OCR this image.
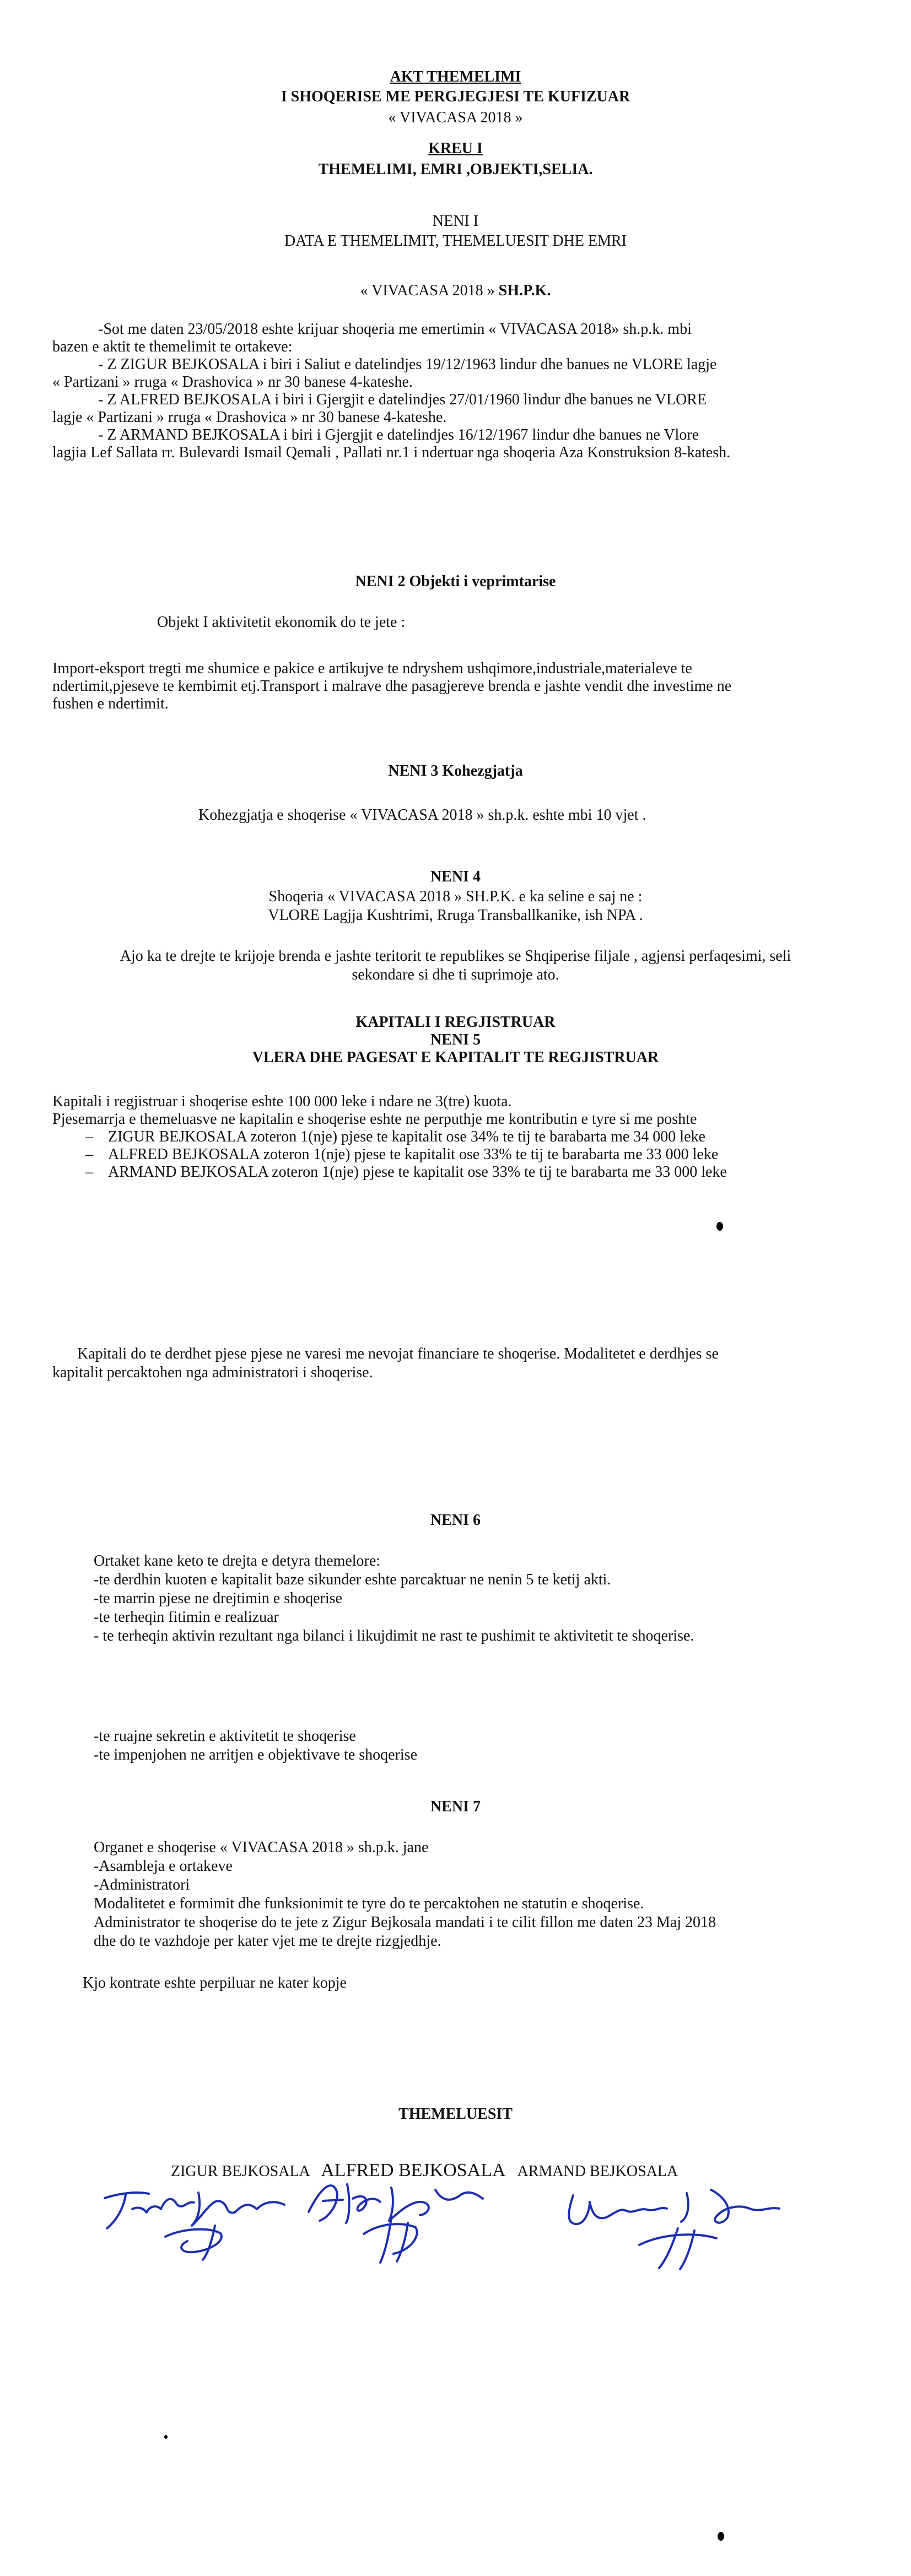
AKT THEMELIMI
I SHOQERISE ME PERGJEGJESI TE KUFIZUAR
« VIVACASA 2018 »
KREU I
THEMELIMI, EMRI ,OBJEKTI,SELIA.
NENI I
DATA E THEMELIMIT, THEMELUESIT DHE EMRI
« VIVACASA 2018 » SH.P.K.
-Sot me daten 23/05/2018 eshte krijuar shoqeria me emertimin « VIVACASA 2018» sh.p.k. mbi
bazen e aktit te themelimit te ortakeve:
- Z ZIGUR BEJKOSALA i biri i Saliut e datelindjes 19/12/1963 lindur dhe banues ne VLORE lagje
« Partizani » rruga « Drashovica » nr 30 banese 4-kateshe.
- Z ALFRED BEJKOSALA i biri i Gjergjit e datelindjes 27/01/1960 lindur dhe banues ne VLORE
lagje « Partizani » rruga « Drashovica » nr 30 banese 4-kateshe.
- Z ARMAND BEJKOSALA i biri i Gjergjit e datelindjes 16/12/1967 lindur dhe banues ne Vlore
lagjia Lef Sallata rr. Bulevardi Ismail Qemali , Pallati nr.1 i ndertuar nga shoqeria Aza Konstruksion 8-katesh.
NENI 2 Objekti i veprimtarise
Objekt I aktivitetit ekonomik do te jete :
Import-eksport tregti me shumice e pakice e artikujve te ndryshem ushqimore,industriale,materialeve te
ndertimit,pjeseve te kembimit etj.Transport i malrave dhe pasagjereve brenda e jashte vendit dhe investime ne
fushen e ndertimit.
NENI 3 Kohezgjatja
Kohezgjatja e shoqerise « VIVACASA 2018 » sh.p.k. eshte mbi 10 vjet .
NENI 4
Shoqeria « VIVACASA 2018 » SH.P.K. e ka seline e saj ne :
VLORE Lagjja Kushtrimi, Rruga Transballkanike, ish NPA .
Ajo ka te drejte te krijoje brenda e jashte teritorit te republikes se Shqiperise filjale , agjensi perfaqesimi, seli
sekondare si dhe ti suprimoje ato.
KAPITALI I REGJISTRUAR
NENI 5
VLERA DHE PAGESAT E KAPITALIT TE REGJISTRUAR
Kapitali i regjistruar i shoqerise eshte 100 000 leke i ndare ne 3(tre) kuota.
Pjesemarrja e themeluasve ne kapitalin e shoqerise eshte ne perputhje me kontributin e tyre si me poshte
– ZIGUR BEJKOSALA zoteron 1(nje) pjese te kapitalit ose 34% te tij te barabarta me 34 000 leke
– ALFRED BEJKOSALA zoteron 1(nje) pjese te kapitalit ose 33% te tij te barabarta me 33 000 leke
– ARMAND BEJKOSALA zoteron 1(nje) pjese te kapitalit ose 33% te tij te barabarta me 33 000 leke
Kapitali do te derdhet pjese pjese ne varesi me nevojat financiare te shoqerise. Modalitetet e derdhjes se
kapitalit percaktohen nga administratori i shoqerise.
NENI 6
Ortaket kane keto te drejta e detyra themelore:
-te derdhin kuoten e kapitalit baze sikunder eshte parcaktuar ne nenin 5 te ketij akti.
-te marrin pjese ne drejtimin e shoqerise
-te terheqin fitimin e realizuar
- te terheqin aktivin rezultant nga bilanci i likujdimit ne rast te pushimit te aktivitetit te shoqerise.
-te ruajne sekretin e aktivitetit te shoqerise
-te impenjohen ne arritjen e objektivave te shoqerise
NENI 7
Organet e shoqerise « VIVACASA 2018 » sh.p.k. jane
-Asambleja e ortakeve
-Administratori
Modalitetet e formimit dhe funksionimit te tyre do te percaktohen ne statutin e shoqerise.
Administrator te shoqerise do te jete z Zigur Bejkosala mandati i te cilit fillon me daten 23 Maj 2018
dhe do te vazhdoje per kater vjet me te drejte rizgjedhje.
Kjo kontrate eshte perpiluar ne kater kopje
THEMELUESIT
ZIGUR BEJKOSALA ALFRED BEJKOSALA ARMAND BEJKOSALA
